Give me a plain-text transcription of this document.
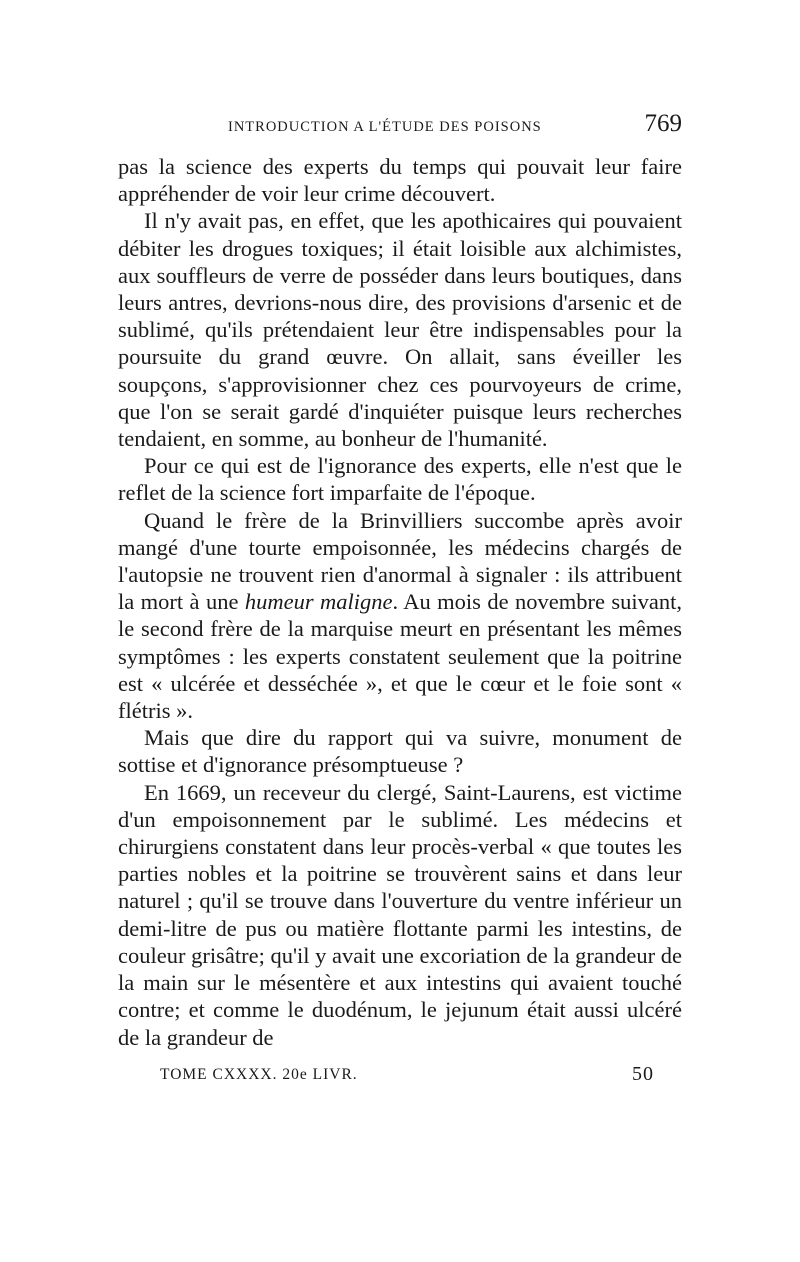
INTRODUCTION A L'ÉTUDE DES POISONS	769

pas la science des experts du temps qui pouvait leur faire appréhender de voir leur crime découvert.

Il n'y avait pas, en effet, que les apothicaires qui pouvaient débiter les drogues toxiques; il était loisible aux alchimistes, aux souffleurs de verre de posséder dans leurs boutiques, dans leurs antres, devrions-nous dire, des provisions d'arsenic et de sublimé, qu'ils prétendaient leur être indispensables pour la poursuite du grand œuvre. On allait, sans éveiller les soupçons, s'approvisionner chez ces pourvoyeurs de crime, que l'on se serait gardé d'inquiéter puisque leurs recherches tendaient, en somme, au bonheur de l'humanité.

Pour ce qui est de l'ignorance des experts, elle n'est que le reflet de la science fort imparfaite de l'époque.

Quand le frère de la Brinvilliers succombe après avoir mangé d'une tourte empoisonnée, les médecins chargés de l'autopsie ne trouvent rien d'anormal à signaler : ils attribuent la mort à une humeur maligne. Au mois de novembre suivant, le second frère de la marquise meurt en présentant les mêmes symptômes : les experts constatent seulement que la poitrine est « ulcérée et desséchée », et que le cœur et le foie sont « flétris ».

Mais que dire du rapport qui va suivre, monument de sottise et d'ignorance présomptueuse ?

En 1669, un receveur du clergé, Saint-Laurens, est victime d'un empoisonnement par le sublimé. Les médecins et chirurgiens constatent dans leur procès-verbal « que toutes les parties nobles et la poitrine se trouvèrent sains et dans leur naturel ; qu'il se trouve dans l'ouverture du ventre inférieur un demi-litre de pus ou matière flottante parmi les intestins, de couleur grisâtre; qu'il y avait une excoriation de la grandeur de la main sur le mésentère et aux intestins qui avaient touché contre; et comme le duodénum, le jejunum était aussi ulcéré de la grandeur de

TOME CXXXX. 20e LIVR.	50
